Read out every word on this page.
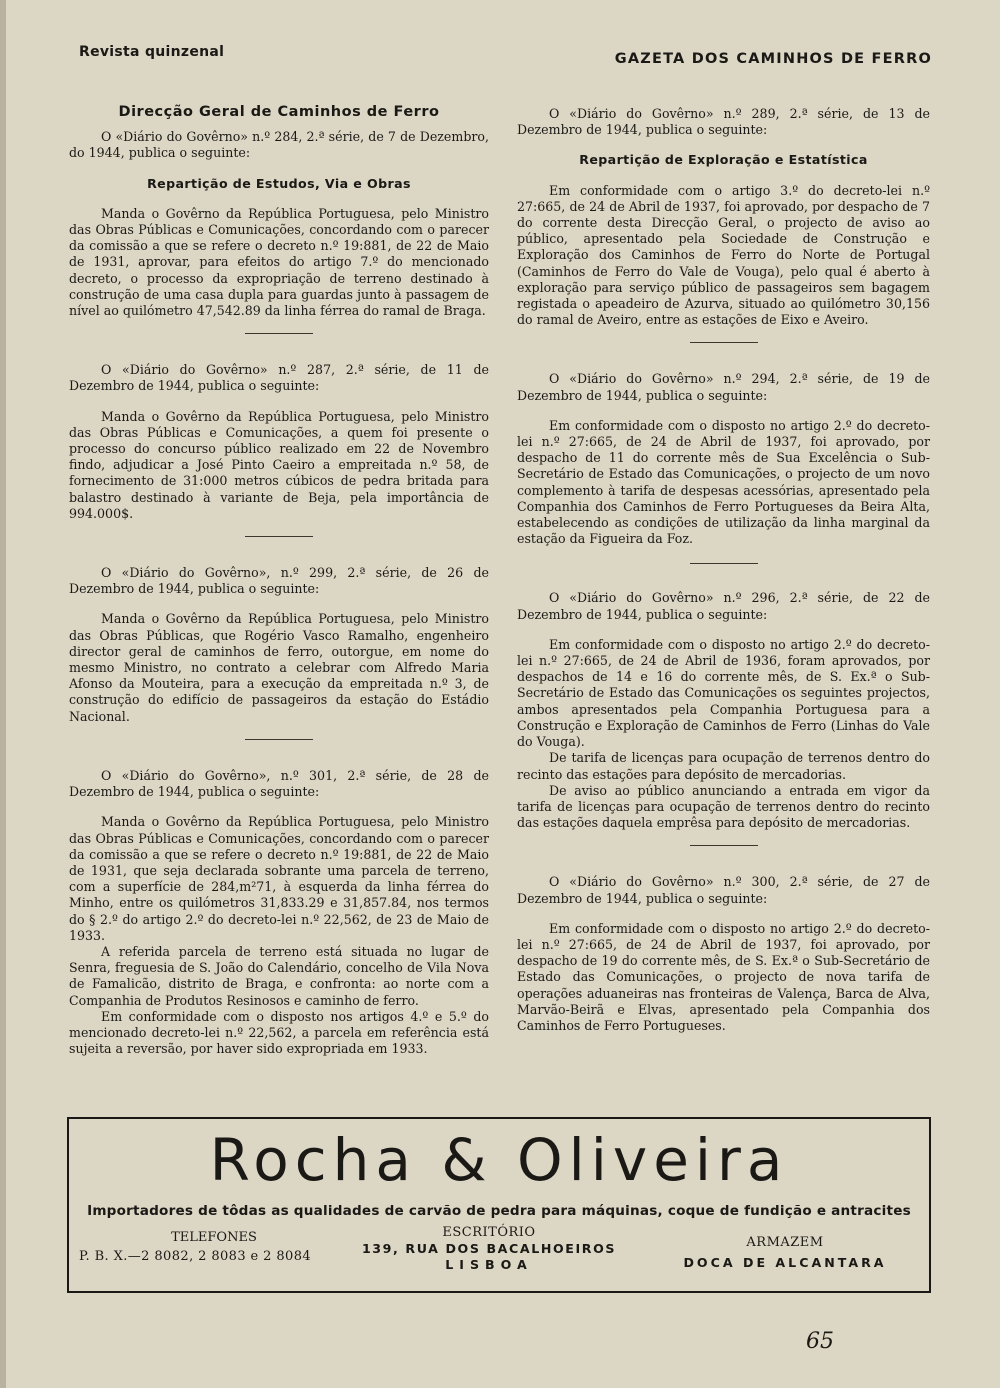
Revista quinzenal	GAZETA DOS CAMINHOS DE FERRO
Direcção Geral de Caminhos de Ferro

O «Diário do Govêrno» n.º 284, 2.ª série, de 7 de Dezembro, do 1944, publica o seguinte:

Repartição de Estudos, Via e Obras

Manda o Govêrno da República Portuguesa, pelo Ministro das Obras Públicas e Comunicações, concordando com o parecer da comissão a que se refere o decreto n.º 19:881, de 22 de Maio de 1931, aprovar, para efeitos do artigo 7.º do mencionado decreto, o processo da expropriação de terreno destinado à construção de uma casa dupla para guardas junto à passagem de nível ao quilómetro 47,542.89 da linha férrea do ramal de Braga.

O «Diário do Govêrno» n.º 287, 2.ª série, de 11 de Dezembro de 1944, publica o seguinte:

Manda o Govêrno da República Portuguesa, pelo Ministro das Obras Públicas e Comunicações, a quem foi presente o processo do concurso público realizado em 22 de Novembro findo, adjudicar a José Pinto Caeiro a empreitada n.º 58, de fornecimento de 31:000 metros cúbicos de pedra britada para balastro destinado à variante de Beja, pela importância de 994.000$.

O «Diário do Govêrno», n.º 299, 2.ª série, de 26 de Dezembro de 1944, publica o seguinte:

Manda o Govêrno da República Portuguesa, pelo Ministro das Obras Públicas, que Rogério Vasco Ramalho, engenheiro director geral de caminhos de ferro, outorgue, em nome do mesmo Ministro, no contrato a celebrar com Alfredo Maria Afonso da Mouteira, para a execução da empreitada n.º 3, de construção do edifício de passageiros da estação do Estádio Nacional.

O «Diário do Govêrno», n.º 301, 2.ª série, de 28 de Dezembro de 1944, publica o seguinte:

Manda o Govêrno da República Portuguesa, pelo Ministro das Obras Públicas e Comunicações, concordando com o parecer da comissão a que se refere o decreto n.º 19:881, de 22 de Maio de 1931, que seja declarada sobrante uma parcela de terreno, com a superfície de 284,m²71, à esquerda da linha férrea do Minho, entre os quilómetros 31,833.29 e 31,857.84, nos termos do § 2.º do artigo 2.º do decreto-lei n.º 22,562, de 23 de Maio de 1933.

A referida parcela de terreno está situada no lugar de Senra, freguesia de S. João do Calendário, concelho de Vila Nova de Famalicão, distrito de Braga, e confronta: ao norte com a Companhia de Produtos Resinosos e caminho de ferro.

Em conformidade com o disposto nos artigos 4.º e 5.º do mencionado decreto-lei n.º 22,562, a parcela em referência está sujeita a reversão, por haver sido expropriada em 1933.

O «Diário do Govêrno» n.º 289, 2.ª série, de 13 de Dezembro de 1944, publica o seguinte:

Repartição de Exploração e Estatística

Em conformidade com o artigo 3.º do decreto-lei n.º 27:665, de 24 de Abril de 1937, foi aprovado, por despacho de 7 do corrente desta Direcção Geral, o projecto de aviso ao público, apresentado pela Sociedade de Construção e Exploração dos Caminhos de Ferro do Norte de Portugal (Caminhos de Ferro do Vale de Vouga), pelo qual é aberto à exploração para serviço público de passageiros sem bagagem registada o apeadeiro de Azurva, situado ao quilómetro 30,156 do ramal de Aveiro, entre as estações de Eixo e Aveiro.

O «Diário do Govêrno» n.º 294, 2.ª série, de 19 de Dezembro de 1944, publica o seguinte:

Em conformidade com o disposto no artigo 2.º do decreto-lei n.º 27:665, de 24 de Abril de 1937, foi aprovado, por despacho de 11 do corrente mês de Sua Excelência o Sub-Secretário de Estado das Comunicações, o projecto de um novo complemento à tarifa de despesas acessórias, apresentado pela Companhia dos Caminhos de Ferro Portugueses da Beira Alta, estabelecendo as condições de utilização da linha marginal da estação da Figueira da Foz.

O «Diário do Govêrno» n.º 296, 2.ª série, de 22 de Dezembro de 1944, publica o seguinte:

Em conformidade com o disposto no artigo 2.º do decreto-lei n.º 27:665, de 24 de Abril de 1936, foram aprovados, por despachos de 14 e 16 do corrente mês, de S. Ex.ª o Sub-Secretário de Estado das Comunicações os seguintes projectos, ambos apresentados pela Companhia Portuguesa para a Construção e Exploração de Caminhos de Ferro (Linhas do Vale do Vouga).

De tarifa de licenças para ocupação de terrenos dentro do recinto das estações para depósito de mercadorias.

De aviso ao público anunciando a entrada em vigor da tarifa de licenças para ocupação de terrenos dentro do recinto das estações daquela emprêsa para depósito de mercadorias.

O «Diário do Govêrno» n.º 300, 2.ª série, de 27 de Dezembro de 1944, publica o seguinte:

Em conformidade com o disposto no artigo 2.º do decreto-lei n.º 27:665, de 24 de Abril de 1937, foi aprovado, por despacho de 19 do corrente mês, de S. Ex.ª o Sub-Secretário de Estado das Comunicações, o projecto de nova tarifa de operações aduaneiras nas fronteiras de Valença, Barca de Alva, Marvão-Beirã e Elvas, apresentado pela Companhia dos Caminhos de Ferro Portugueses.

Rocha & Oliveira
Importadores de tôdas as qualidades de carvão de pedra para máquinas, coque de fundição e antracites
TELEFONES
P. B. X.—2 8082, 2 8083 e 2 8084
ESCRITÓRIO
139, RUA DOS BACALHOEIROS
LISBOA
ARMAZEM
DOCA DE ALCANTARA
65
